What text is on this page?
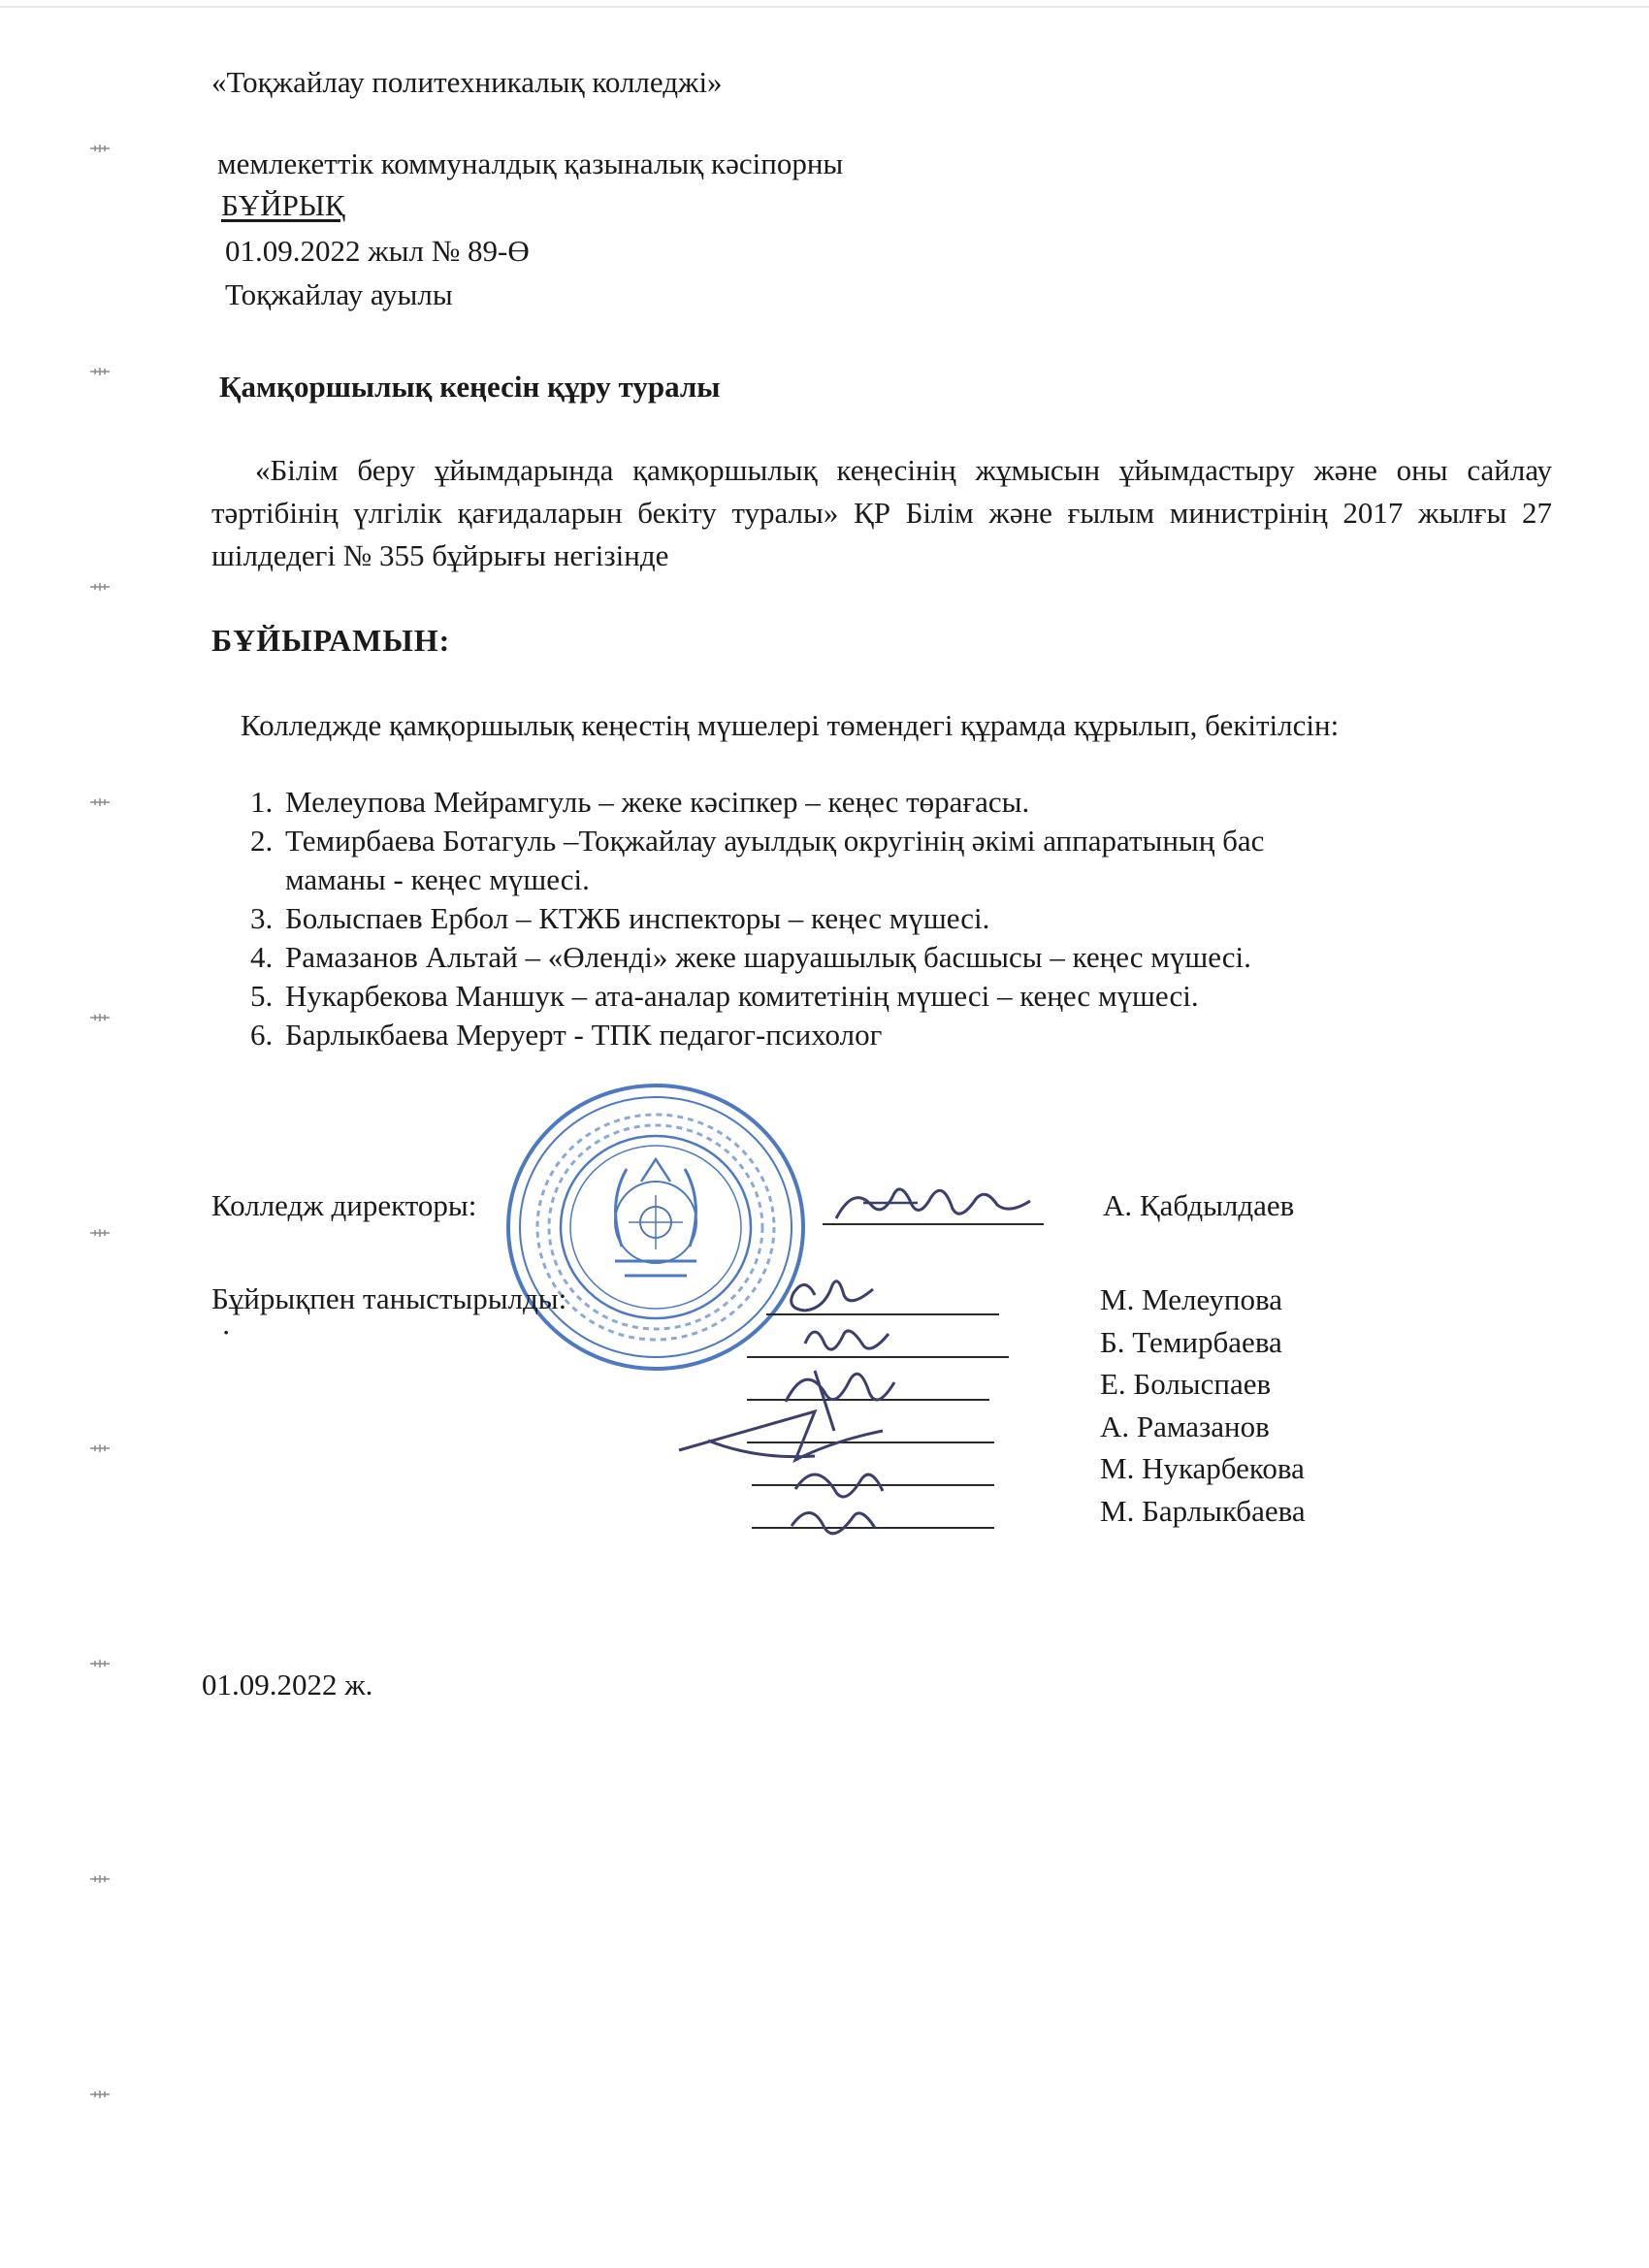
«Тоқжайлау политехникалық колледжі»
мемлекеттік коммуналдық қазыналық кәсіпорны
БҰЙРЫҚ
01.09.2022 жыл № 89-Ө
Тоқжайлау ауылы
Қамқоршылық кеңесін құру туралы

«Білім беру ұйымдарында қамқоршылық кеңесінің жұмысын ұйымдастыру және оны сайлау тәртібінің үлгілік қағидаларын бекіту туралы» ҚР Білім және ғылым министрінің 2017 жылғы 27 шілдедегі № 355 бұйрығы негізінде

БҰЙЫРАМЫН:

Колледжде қамқоршылық кеңестің мүшелері төмендегі құрамда құрылып, бекітілсін:

1. Мелеупова Мейрамгуль – жеке кәсіпкер – кеңес төрағасы.
2. Темирбаева Ботагуль –Тоқжайлау ауылдық округінің әкімі аппаратының бас
маманы - кеңес мүшесі.
3. Болыспаев Ербол – КТЖБ инспекторы – кеңес мүшесі.
4. Рамазанов Альтай – «Өленді» жеке шаруашылық басшысы – кеңес мүшесі.
5. Нукарбекова Маншук – ата-аналар комитетінің мүшесі – кеңес мүшесі.
6. Барлыкбаева Меруерт - ТПК педагог-психолог
Колледж директоры:	А. Қабдылдаев
Бұйрықпен таныстырылды:
·
М. Мелеупова
Б. Темирбаева
Е. Болыспаев
А. Рамазанов
М. Нукарбекова
М. Барлыкбаева
01.09.2022 ж.
